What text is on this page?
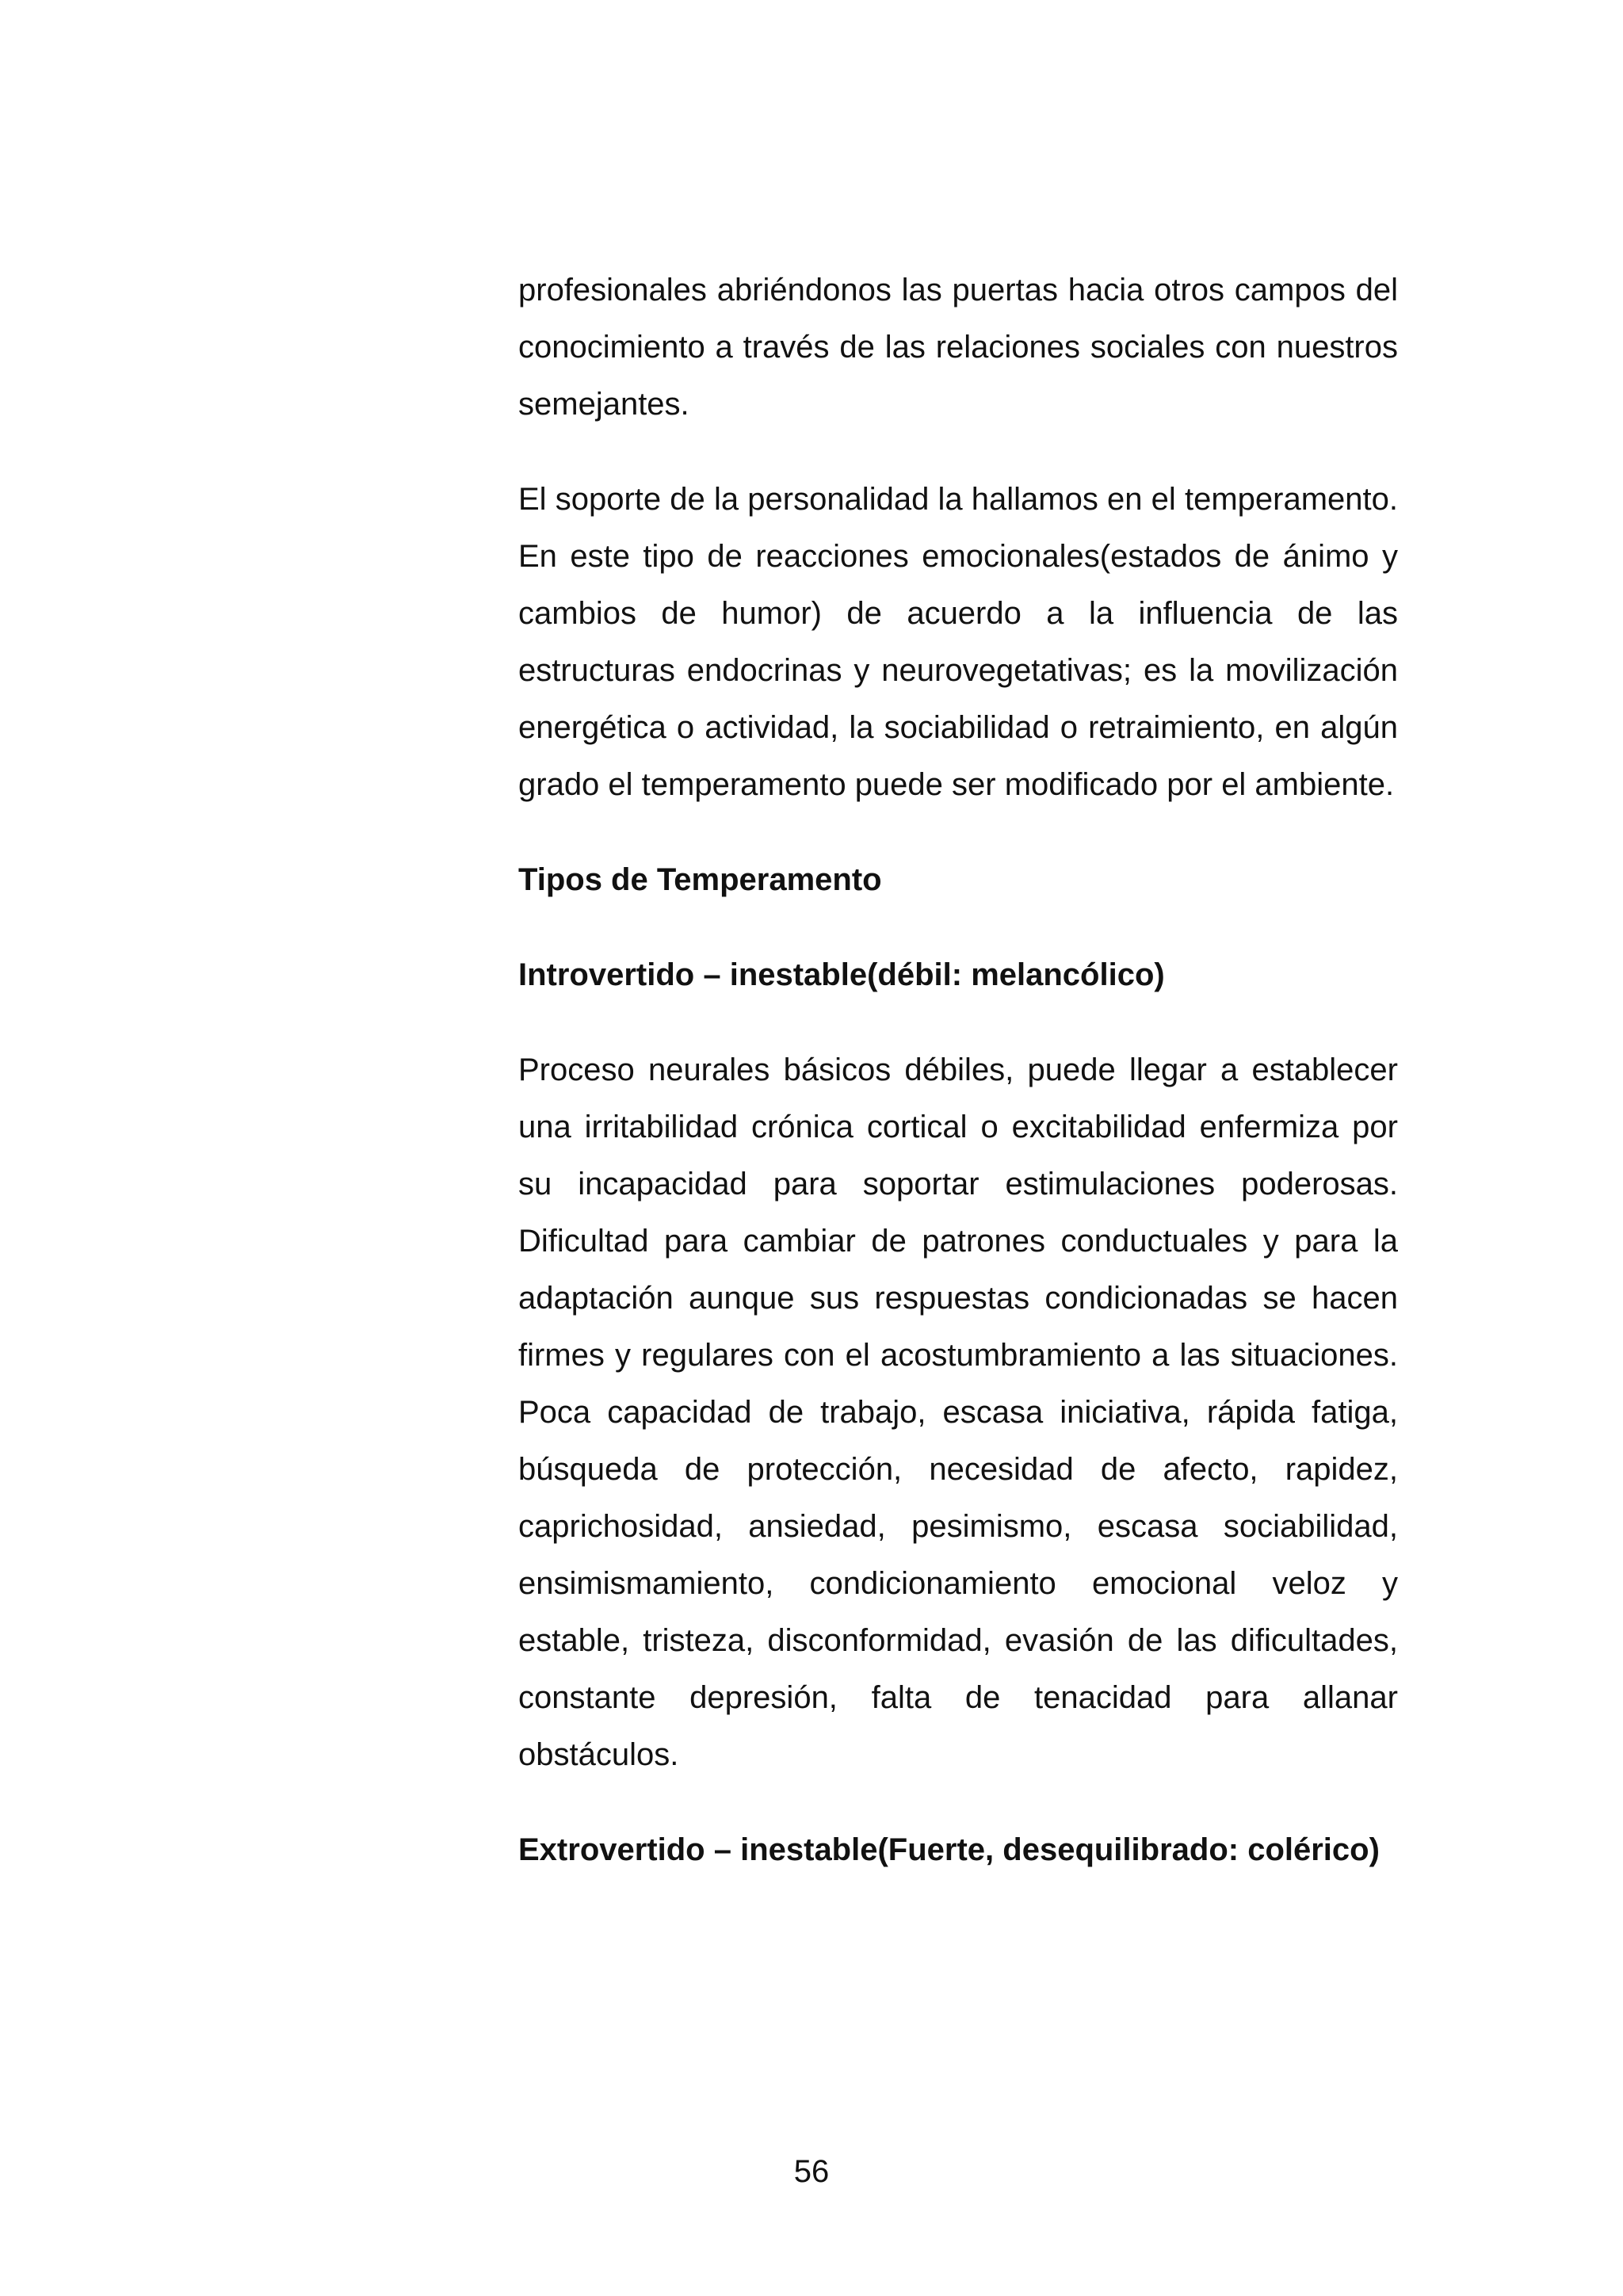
profesionales abriéndonos las puertas hacia otros campos del conocimiento a través de las relaciones sociales con nuestros semejantes.

El soporte de la personalidad la hallamos en el temperamento. En este tipo de reacciones emocionales(estados de ánimo y cambios de humor) de acuerdo a la influencia de las estructuras endocrinas y neurovegetativas; es la movilización energética o actividad, la sociabilidad o retraimiento, en algún grado el temperamento puede ser modificado por el ambiente.

Tipos de Temperamento

Introvertido – inestable(débil: melancólico)

Proceso neurales básicos débiles, puede llegar a establecer una irritabilidad crónica cortical o excitabilidad enfermiza por su incapacidad para soportar estimulaciones poderosas. Dificultad para cambiar de patrones conductuales y para la adaptación aunque sus respuestas condicionadas se hacen firmes y regulares con el acostumbramiento a las situaciones. Poca capacidad de trabajo, escasa iniciativa, rápida fatiga, búsqueda de protección, necesidad de afecto, rapidez, caprichosidad, ansiedad, pesimismo, escasa sociabilidad, ensimismamiento, condicionamiento emocional veloz y estable, tristeza, disconformidad, evasión de las dificultades, constante depresión, falta de tenacidad para allanar obstáculos.

Extrovertido – inestable(Fuerte, desequilibrado: colérico)

56
